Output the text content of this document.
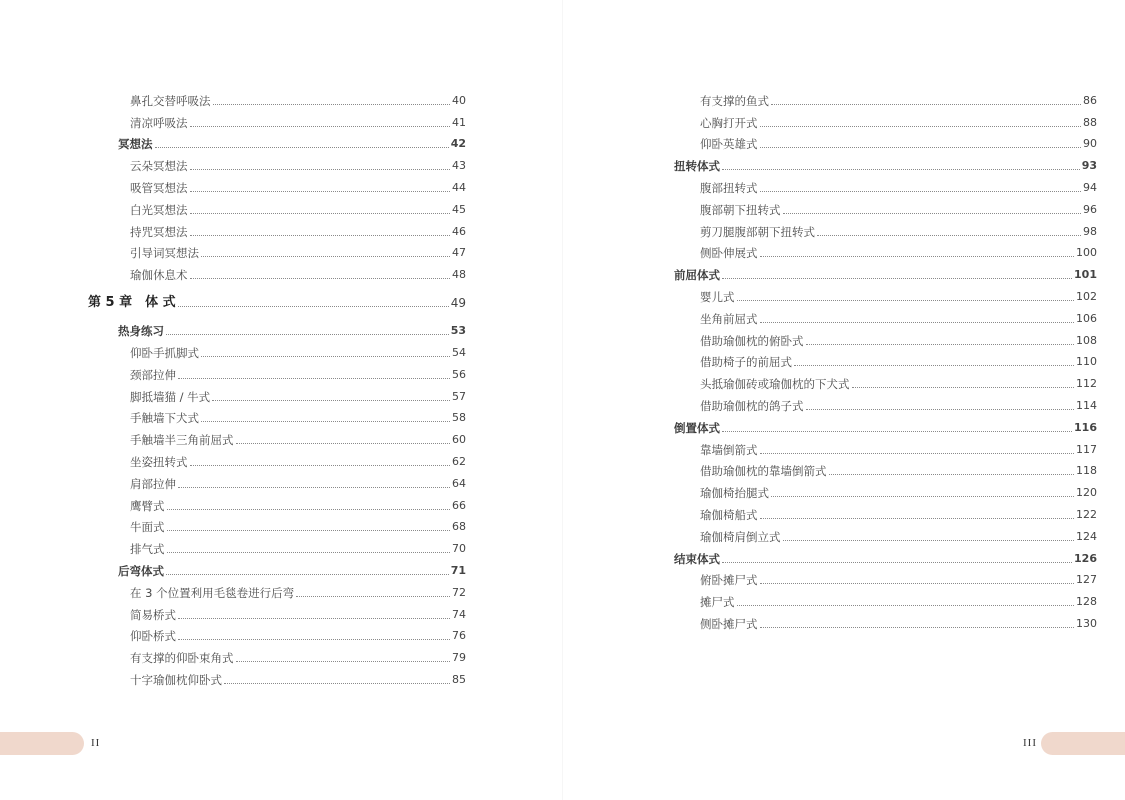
鼻孔交替呼吸法	40
清凉呼吸法	41
冥想法	42
云朵冥想法	43
吸管冥想法	44
白光冥想法	45
持咒冥想法	46
引导词冥想法	47
瑜伽休息术	48
第 5 章　体 式	49
热身练习	53
仰卧手抓脚式	54
颈部拉伸	56
脚抵墙猫 / 牛式	57
手触墙下犬式	58
手触墙半三角前屈式	60
坐姿扭转式	62
肩部拉伸	64
鹰臂式	66
牛面式	68
排气式	70
后弯体式	71
在 3 个位置利用毛毯卷进行后弯	72
简易桥式	74
仰卧桥式	76
有支撑的仰卧束角式	79
十字瑜伽枕仰卧式	85
II
有支撑的鱼式	86
心胸打开式	88
仰卧英雄式	90
扭转体式	93
腹部扭转式	94
腹部朝下扭转式	96
剪刀腿腹部朝下扭转式	98
侧卧伸展式	100
前屈体式	101
婴儿式	102
坐角前屈式	106
借助瑜伽枕的俯卧式	108
借助椅子的前屈式	110
头抵瑜伽砖或瑜伽枕的下犬式	112
借助瑜伽枕的鸽子式	114
倒置体式	116
靠墙倒箭式	117
借助瑜伽枕的靠墙倒箭式	118
瑜伽椅抬腿式	120
瑜伽椅船式	122
瑜伽椅肩倒立式	124
结束体式	126
俯卧摊尸式	127
摊尸式	128
侧卧摊尸式	130
III
